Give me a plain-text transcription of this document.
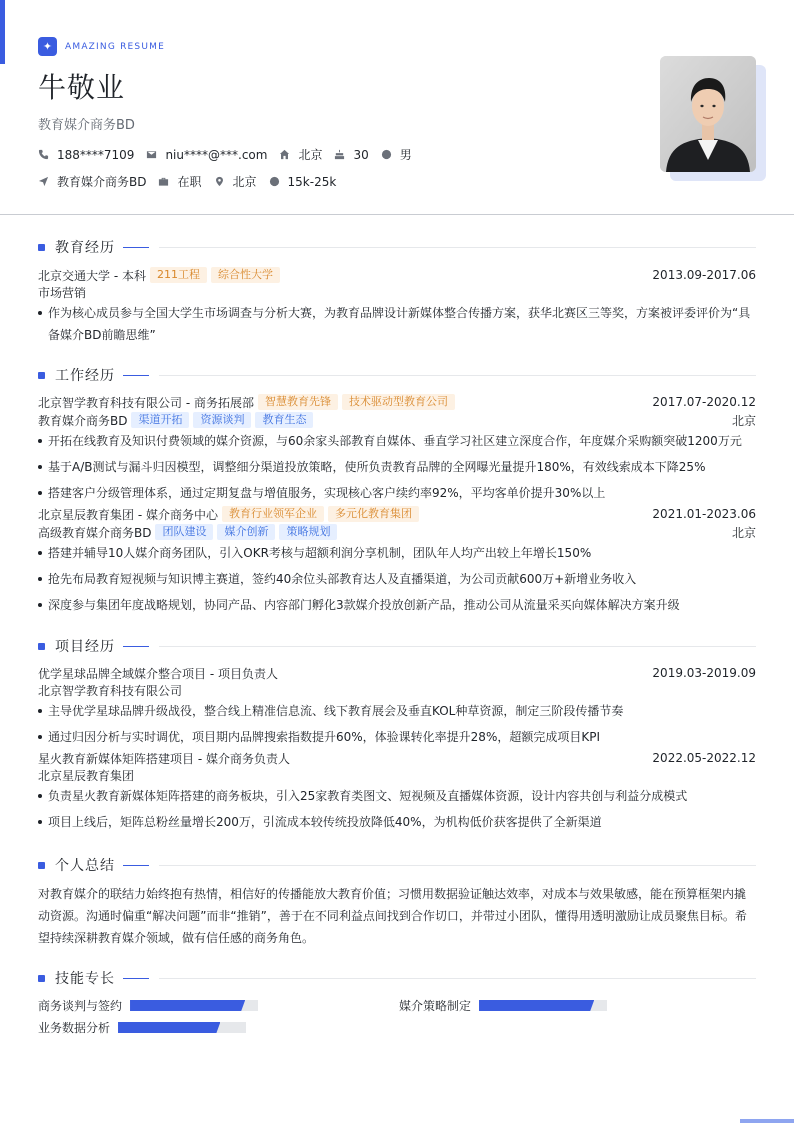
✦	AMAZING RESUME
牛敬业
教育媒介商务BD
188****7109	niu****@***.com	北京	30	男
教育媒介商务BD	在职	北京	15k-25k
教育经历
北京交通大学 - 本科	211工程	综合性大学	2013.09-2017.06
市场营销
作为核心成员参与全国大学生市场调查与分析大赛，为教育品牌设计新媒体整合传播方案，获华北赛区三等奖，方案被评委评价为“具备媒介BD前瞻思维”
工作经历
北京智学教育科技有限公司 - 商务拓展部	智慧教育先锋	技术驱动型教育公司	2017.07-2020.12
教育媒介商务BD	渠道开拓	资源谈判	教育生态	北京
开拓在线教育及知识付费领域的媒介资源，与60余家头部教育自媒体、垂直学习社区建立深度合作，年度媒介采购额突破1200万元
基于A/B测试与漏斗归因模型，调整细分渠道投放策略，使所负责教育品牌的全网曝光量提升180%，有效线索成本下降25%
搭建客户分级管理体系，通过定期复盘与增值服务，实现核心客户续约率92%，平均客单价提升30%以上
北京星辰教育集团 - 媒介商务中心	教育行业领军企业	多元化教育集团	2021.01-2023.06
高级教育媒介商务BD	团队建设	媒介创新	策略规划	北京
搭建并辅导10人媒介商务团队，引入OKR考核与超额利润分享机制，团队年人均产出较上年增长150%
抢先布局教育短视频与知识博主赛道，签约40余位头部教育达人及直播渠道，为公司贡献600万+新增业务收入
深度参与集团年度战略规划，协同产品、内容部门孵化3款媒介投放创新产品，推动公司从流量采买向媒体解决方案升级
项目经历
优学星球品牌全域媒介整合项目 - 项目负责人	2019.03-2019.09
北京智学教育科技有限公司
主导优学星球品牌升级战役，整合线上精准信息流、线下教育展会及垂直KOL种草资源，制定三阶段传播节奏
通过归因分析与实时调优，项目期内品牌搜索指数提升60%，体验课转化率提升28%，超额完成项目KPI
星火教育新媒体矩阵搭建项目 - 媒介商务负责人	2022.05-2022.12
北京星辰教育集团
负责星火教育新媒体矩阵搭建的商务板块，引入25家教育类图文、短视频及直播媒体资源，设计内容共创与利益分成模式
项目上线后，矩阵总粉丝量增长200万，引流成本较传统投放降低40%，为机构低价获客提供了全新渠道
个人总结
对教育媒介的联结力始终抱有热情，相信好的传播能放大教育价值；习惯用数据验证触达效率，对成本与效果敏感，能在预算框架内撬动资源。沟通时偏重“解决问题”而非“推销”，善于在不同利益点间找到合作切口，并带过小团队，懂得用透明激励让成员聚焦目标。希望持续深耕教育媒介领域，做有信任感的商务角色。
技能专长
商务谈判与签约	媒介策略制定
业务数据分析
